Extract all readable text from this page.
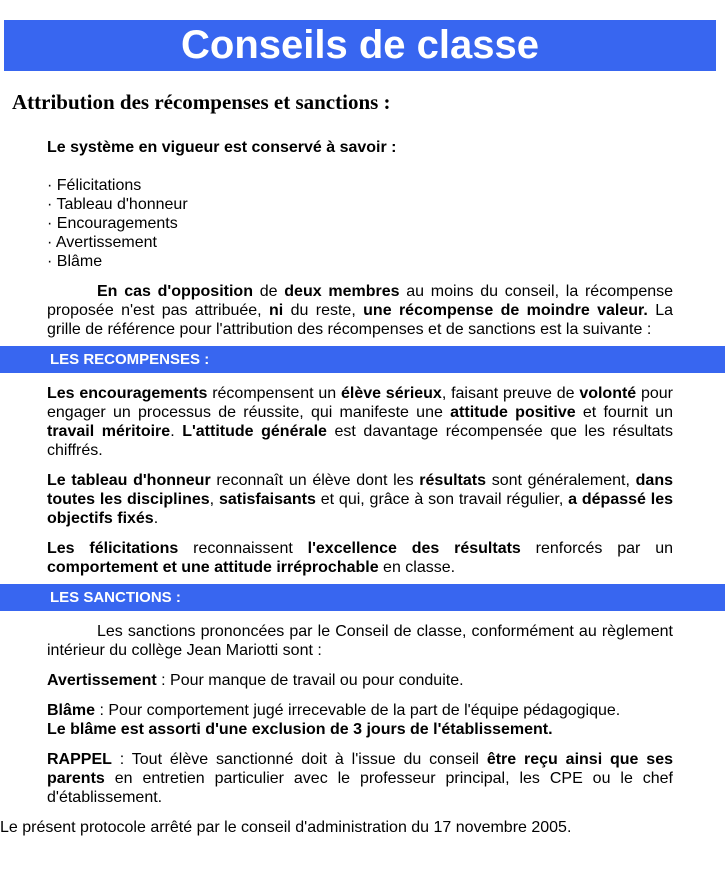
Conseils de classe
Attribution des récompenses et sanctions :
Le système en vigueur est conservé à savoir :
· Félicitations
· Tableau d'honneur
· Encouragements
· Avertissement
· Blâme

En cas d'opposition de deux membres au moins du conseil, la récompense proposée n'est pas attribuée, ni du reste, une récompense de moindre valeur. La grille de référence pour l'attribution des récompenses et de sanctions est la suivante :

LES RECOMPENSES :

Les encouragements récompensent un élève sérieux, faisant preuve de volonté pour engager un processus de réussite, qui manifeste une attitude positive et fournit un travail méritoire. L'attitude générale est davantage récompensée que les résultats chiffrés.

Le tableau d'honneur reconnaît un élève dont les résultats sont généralement, dans toutes les disciplines, satisfaisants et qui, grâce à son travail régulier, a dépassé les objectifs fixés.

Les félicitations reconnaissent l'excellence des résultats renforcés par un comportement et une attitude irréprochable en classe.

LES SANCTIONS :

Les sanctions prononcées par le Conseil de classe, conformément au règlement intérieur du collège Jean Mariotti sont :

Avertissement : Pour manque de travail ou pour conduite.

Blâme : Pour comportement jugé irrecevable de la part de l'équipe pédagogique.
Le blâme est assorti d'une exclusion de 3 jours de l'établissement.

RAPPEL : Tout élève sanctionné doit à l'issue du conseil être reçu ainsi que ses parents en entretien particulier avec le professeur principal, les CPE ou le chef d'établissement.

Le présent protocole arrêté par le conseil d'administration du 17 novembre 2005.
